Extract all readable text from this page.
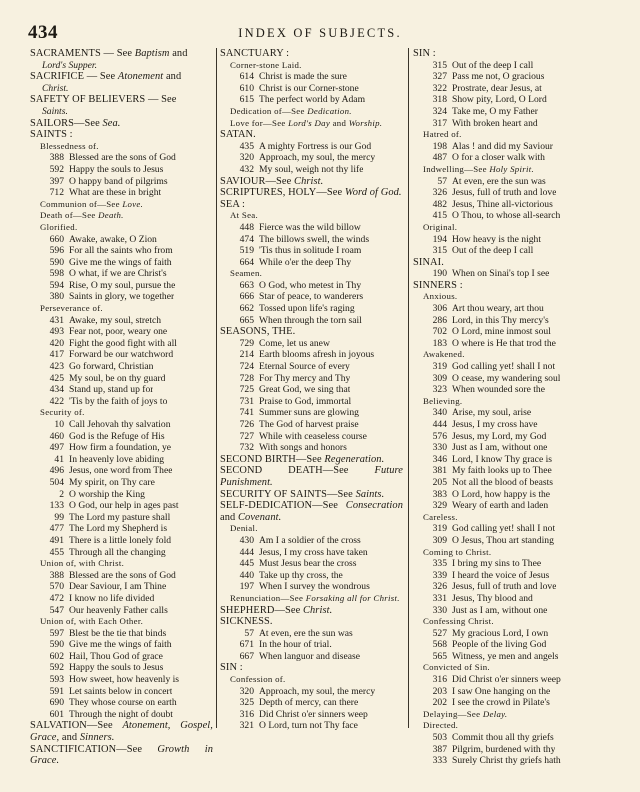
434	INDEX OF SUBJECTS.
SACRAMENTS — See Baptism and
Lord's Supper.
SACRIFICE — See Atonement and
Christ.
SAFETY OF BELIEVERS — See
Saints.
SAILORS—See Sea.
SAINTS :
Blessedness of.
388 Blessed are the sons of God
592 Happy the souls to Jesus
397 O happy band of pilgrims
712 What are these in bright
Communion of—See Love.
Death of—See Death.
Glorified.
660 Awake, awake, O Zion
596 For all the saints who from
590 Give me the wings of faith
598 O what, if we are Christ's
594 Rise, O my soul, pursue the
380 Saints in glory, we together
Perseverance of.
431 Awake, my soul, stretch
493 Fear not, poor, weary one
420 Fight the good fight with all
417 Forward be our watchword
423 Go forward, Christian
425 My soul, be on thy guard
434 Stand up, stand up for
422 'Tis by the faith of joys to
Security of.
10 Call Jehovah thy salvation
460 God is the Refuge of His
497 How firm a foundation, ye
41 In heavenly love abiding
496 Jesus, one word from Thee
504 My spirit, on Thy care
2 O worship the King
133 O God, our help in ages past
99 The Lord my pasture shall
477 The Lord my Shepherd is
491 There is a little lonely fold
455 Through all the changing
Union of, with Christ.
388 Blessed are the sons of God
570 Dear Saviour, I am Thine
472 I know no life divided
547 Our heavenly Father calls
Union of, with Each Other.
597 Blest be the tie that binds
590 Give me the wings of faith
602 Hail, Thou God of grace
592 Happy the souls to Jesus
593 How sweet, how heavenly is
591 Let saints below in concert
690 They whose course on earth
601 Through the night of doubt
SALVATION—See Atonement, Gospel, Grace, and Sinners.
SANCTIFICATION—See Growth in Grace.
SANCTUARY :
Corner-stone Laid.
614 Christ is made the sure
610 Christ is our Corner-stone
615 The perfect world by Adam
Dedication of—See Dedication.
Love for—See Lord's Day and Worship.
SATAN.
435 A mighty Fortress is our God
320 Approach, my soul, the mercy
432 My soul, weigh not thy life
SAVIOUR—See Christ.
SCRIPTURES, HOLY—See Word of God.
SEA :
At Sea.
448 Fierce was the wild billow
474 The billows swell, the winds
519 'Tis thus in solitude I roam
664 While o'er the deep Thy
Seamen.
663 O God, who metest in Thy
666 Star of peace, to wanderers
662 Tossed upon life's raging
665 When through the torn sail
SEASONS, THE.
729 Come, let us anew
214 Earth blooms afresh in joyous
724 Eternal Source of every
728 For Thy mercy and Thy
725 Great God, we sing that
731 Praise to God, immortal
741 Summer suns are glowing
726 The God of harvest praise
727 While with ceaseless course
732 With songs and honors
SECOND BIRTH—See Regeneration.
SECOND DEATH—See Future Punishment.
SECURITY OF SAINTS—See Saints.
SELF-DEDICATION—See Consecration and Covenant.
Denial.
430 Am I a soldier of the cross
444 Jesus, I my cross have taken
445 Must Jesus bear the cross
440 Take up thy cross, the
197 When I survey the wondrous
Renunciation—See Forsaking all for Christ.
SHEPHERD—See Christ.
SICKNESS.
57 At even, ere the sun was
671 In the hour of trial.
667 When languor and disease
SIN :
Confession of.
320 Approach, my soul, the mercy
325 Depth of mercy, can there
316 Did Christ o'er sinners weep
321 O Lord, turn not Thy face
SIN :
315 Out of the deep I call
327 Pass me not, O gracious
322 Prostrate, dear Jesus, at
318 Show pity, Lord, O Lord
324 Take me, O my Father
317 With broken heart and
Hatred of.
198 Alas ! and did my Saviour
487 O for a closer walk with
Indwelling—See Holy Spirit.
57 At even, ere the sun was
326 Jesus, full of truth and love
482 Jesus, Thine all-victorious
415 O Thou, to whose all-search
Original.
194 How heavy is the night
315 Out of the deep I call
SINAI.
190 When on Sinai's top I see
SINNERS :
Anxious.
306 Art thou weary, art thou
286 Lord, in this Thy mercy's
702 O Lord, mine inmost soul
183 O where is He that trod the
Awakened.
319 God calling yet! shall I not
309 O cease, my wandering soul
323 When wounded sore the
Believing.
340 Arise, my soul, arise
444 Jesus, I my cross have
576 Jesus, my Lord, my God
330 Just as I am, without one
346 Lord, I know Thy grace is
381 My faith looks up to Thee
205 Not all the blood of beasts
383 O Lord, how happy is the
329 Weary of earth and laden
Careless.
319 God calling yet! shall I not
309 O Jesus, Thou art standing
Coming to Christ.
335 I bring my sins to Thee
339 I heard the voice of Jesus
326 Jesus, full of truth and love
331 Jesus, Thy blood and
330 Just as I am, without one
Confessing Christ.
527 My gracious Lord, I own
568 People of the living God
565 Witness, ye men and angels
Convicted of Sin.
316 Did Christ o'er sinners weep
203 I saw One hanging on the
202 I see the crowd in Pilate's
Delaying—See Delay.
Directed.
503 Commit thou all thy griefs
387 Pilgrim, burdened with thy
333 Surely Christ thy griefs hath
